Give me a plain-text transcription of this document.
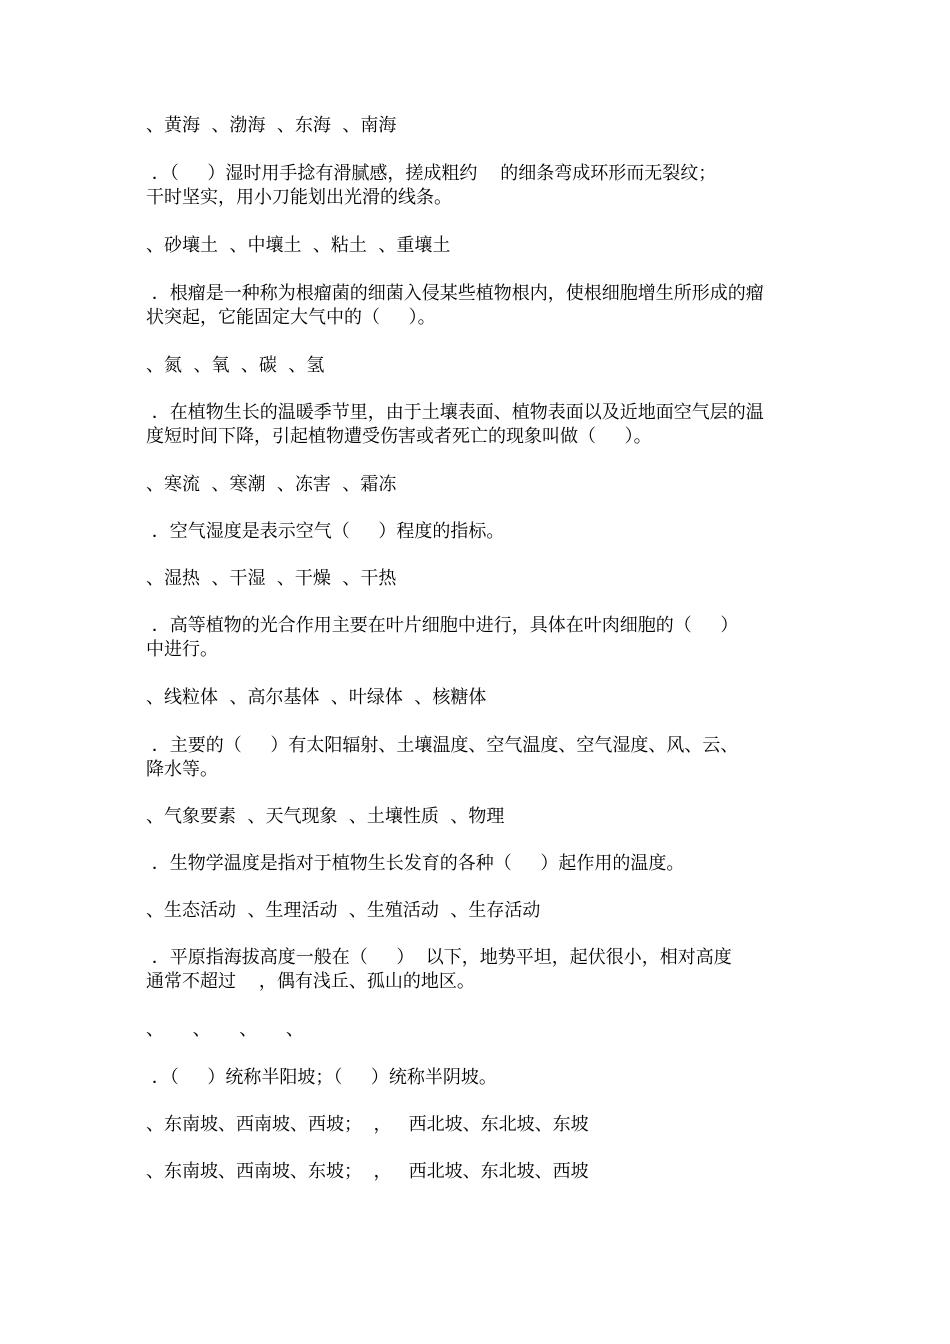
、黄海  、渤海  、东海  、南海

．（     ）湿时用手捻有滑腻感，搓成粗约    的细条弯成环形而无裂纹；

干时坚实，用小刀能划出光滑的线条。

、砂壤土  、中壤土  、粘土  、重壤土

．根瘤是一种称为根瘤菌的细菌入侵某些植物根内，使根细胞增生所形成的瘤

状突起，它能固定大气中的（     ）。

、氮  、氧  、碳  、氢

．在植物生长的温暖季节里，由于土壤表面、植物表面以及近地面空气层的温

度短时间下降，引起植物遭受伤害或者死亡的现象叫做（     ）。

、寒流  、寒潮  、冻害  、霜冻

．空气湿度是表示空气（     ）程度的指标。

、湿热  、干湿  、干燥  、干热

．高等植物的光合作用主要在叶片细胞中进行，具体在叶肉细胞的（     ）

中进行。

、线粒体  、高尔基体  、叶绿体  、核糖体

．主要的（     ）有太阳辐射、土壤温度、空气温度、空气湿度、风、云、

降水等。

、气象要素  、天气现象  、土壤性质  、物理

．生物学温度是指对于植物生长发育的各种（     ）起作用的温度。

、生态活动  、生理活动  、生殖活动  、生存活动

．平原指海拔高度一般在（     ）  以下，地势平坦，起伏很小，相对高度

通常不超过    ，偶有浅丘、孤山的地区。

、     、     、     、

．（     ）统称半阳坡；（     ）统称半阴坡。

、东南坡、西南坡、西坡；  ，   西北坡、东北坡、东坡

、东南坡、西南坡、东坡；  ，   西北坡、东北坡、西坡
